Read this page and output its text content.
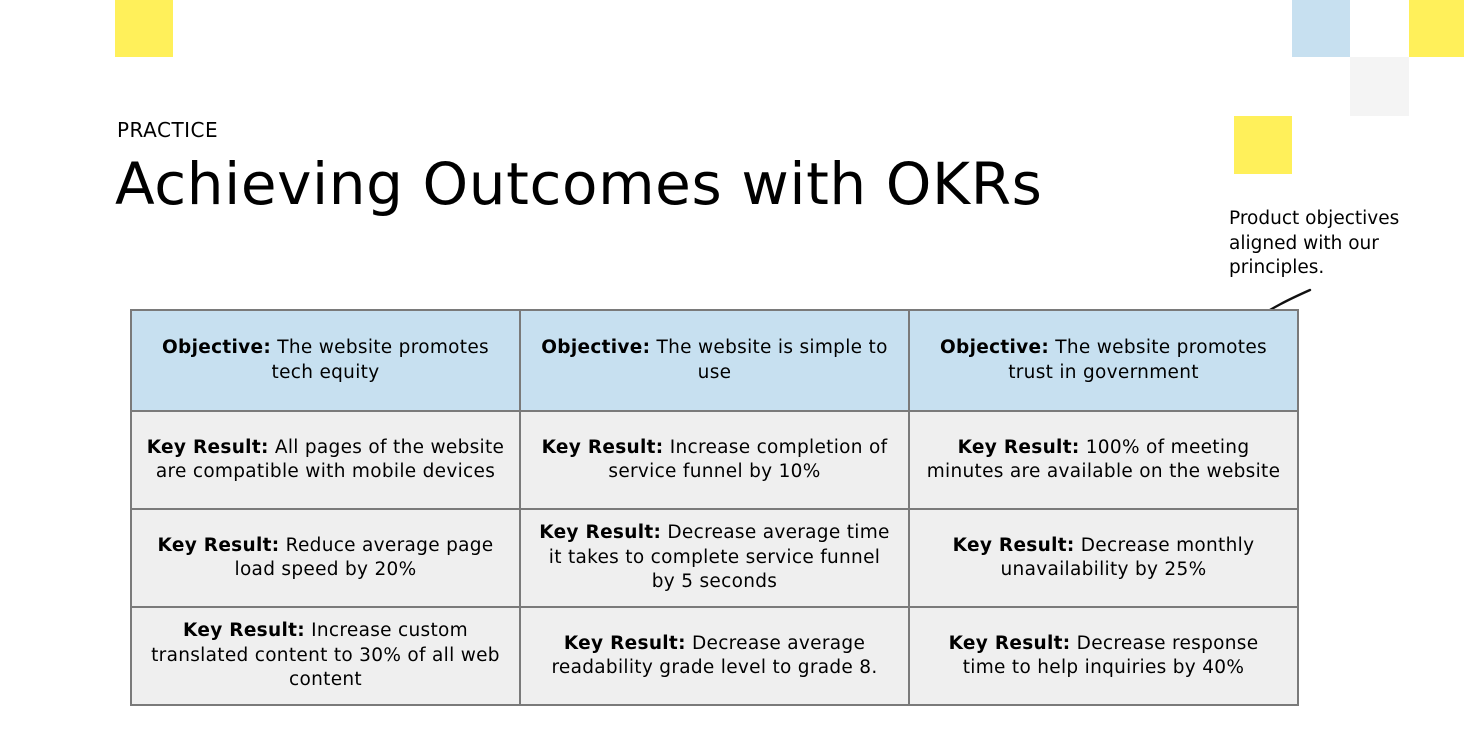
PRACTICE
Achieving Outcomes with OKRs
Product objectives aligned with our principles.
Objective: The website promotes tech equity	Objective: The website is simple to use	Objective: The website promotes trust in government
Key Result: All pages of the website are compatible with mobile devices	Key Result: Increase completion of service funnel by 10%	Key Result: 100% of meeting minutes are available on the website
Key Result: Reduce average page load speed by 20%	Key Result: Decrease average time it takes to complete service funnel by 5 seconds	Key Result: Decrease monthly unavailability by 25%
Key Result: Increase custom translated content to 30% of all web content	Key Result: Decrease average readability grade level to grade 8.	Key Result: Decrease response time to help inquiries by 40%
